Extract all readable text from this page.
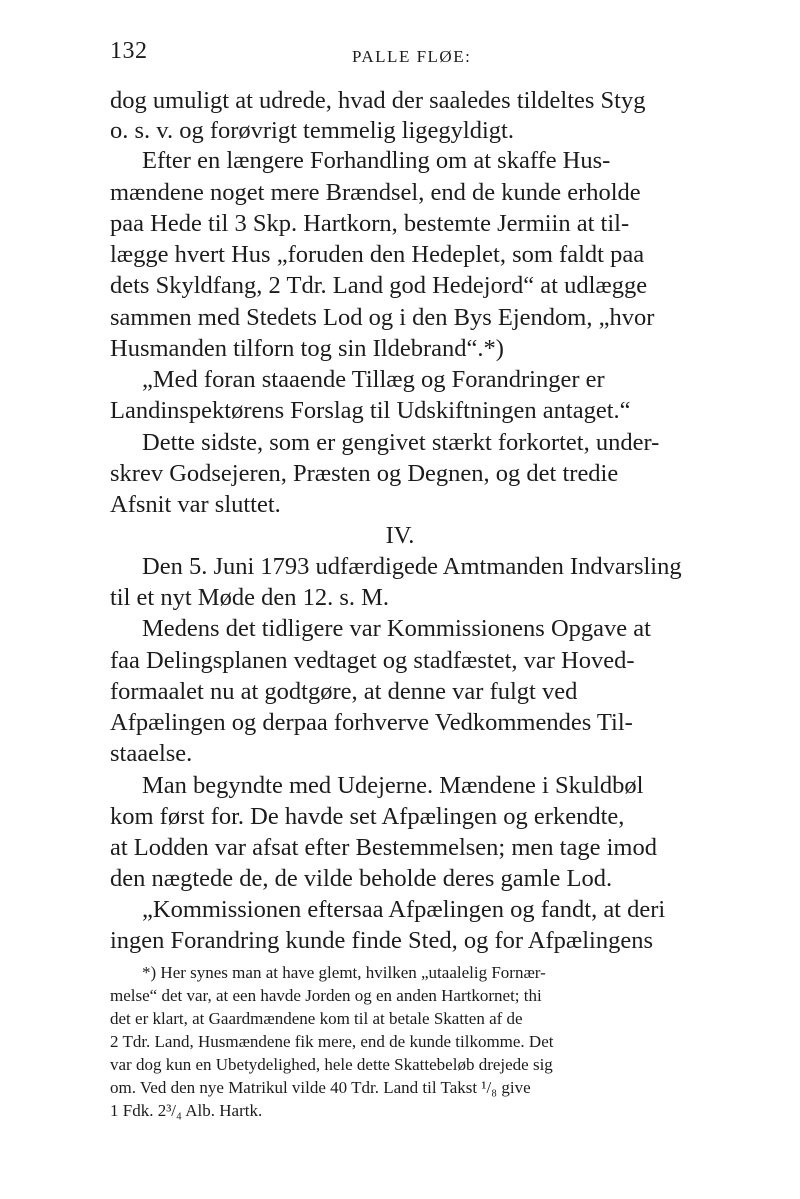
132	PALLE FLØE:
dog umuligt at udrede, hvad der saaledes tildeltes Styg
o. s. v. og forøvrigt temmelig ligegyldigt.
Efter en længere Forhandling om at skaffe Hus-
mændene noget mere Brændsel, end de kunde erholde
paa Hede til 3 Skp. Hartkorn, bestemte Jermiin at til-
lægge hvert Hus „foruden den Hedeplet, som faldt paa
dets Skyldfang, 2 Tdr. Land god Hedejord“ at udlægge
sammen med Stedets Lod og i den Bys Ejendom, „hvor
Husmanden tilforn tog sin Ildebrand“.*)
„Med foran staaende Tillæg og Forandringer er
Landinspektørens Forslag til Udskiftningen antaget.“
Dette sidste, som er gengivet stærkt forkortet, under-
skrev Godsejeren, Præsten og Degnen, og det tredie
Afsnit var sluttet.
IV.
Den 5. Juni 1793 udfærdigede Amtmanden Indvarsling
til et nyt Møde den 12. s. M.
Medens det tidligere var Kommissionens Opgave at
faa Delingsplanen vedtaget og stadfæstet, var Hoved-
formaalet nu at godtgøre, at denne var fulgt ved
Afpælingen og derpaa forhverve Vedkommendes Til-
staaelse.
Man begyndte med Udejerne. Mændene i Skuldbøl
kom først for. De havde set Afpælingen og erkendte,
at Lodden var afsat efter Bestemmelsen; men tage imod
den nægtede de, de vilde beholde deres gamle Lod.
„Kommissionen eftersaa Afpælingen og fandt, at deri
ingen Forandring kunde finde Sted, og for Afpælingens
*) Her synes man at have glemt, hvilken „utaalelig Fornær-
melse“ det var, at een havde Jorden og en anden Hartkornet; thi
det er klart, at Gaardmændene kom til at betale Skatten af de
2 Tdr. Land, Husmændene fik mere, end de kunde tilkomme. Det
var dog kun en Ubetydelighed, hele dette Skattebeløb drejede sig
om. Ved den nye Matrikul vilde 40 Tdr. Land til Takst ¹/₈ give
1 Fdk. 2³/₄ Alb. Hartk.
